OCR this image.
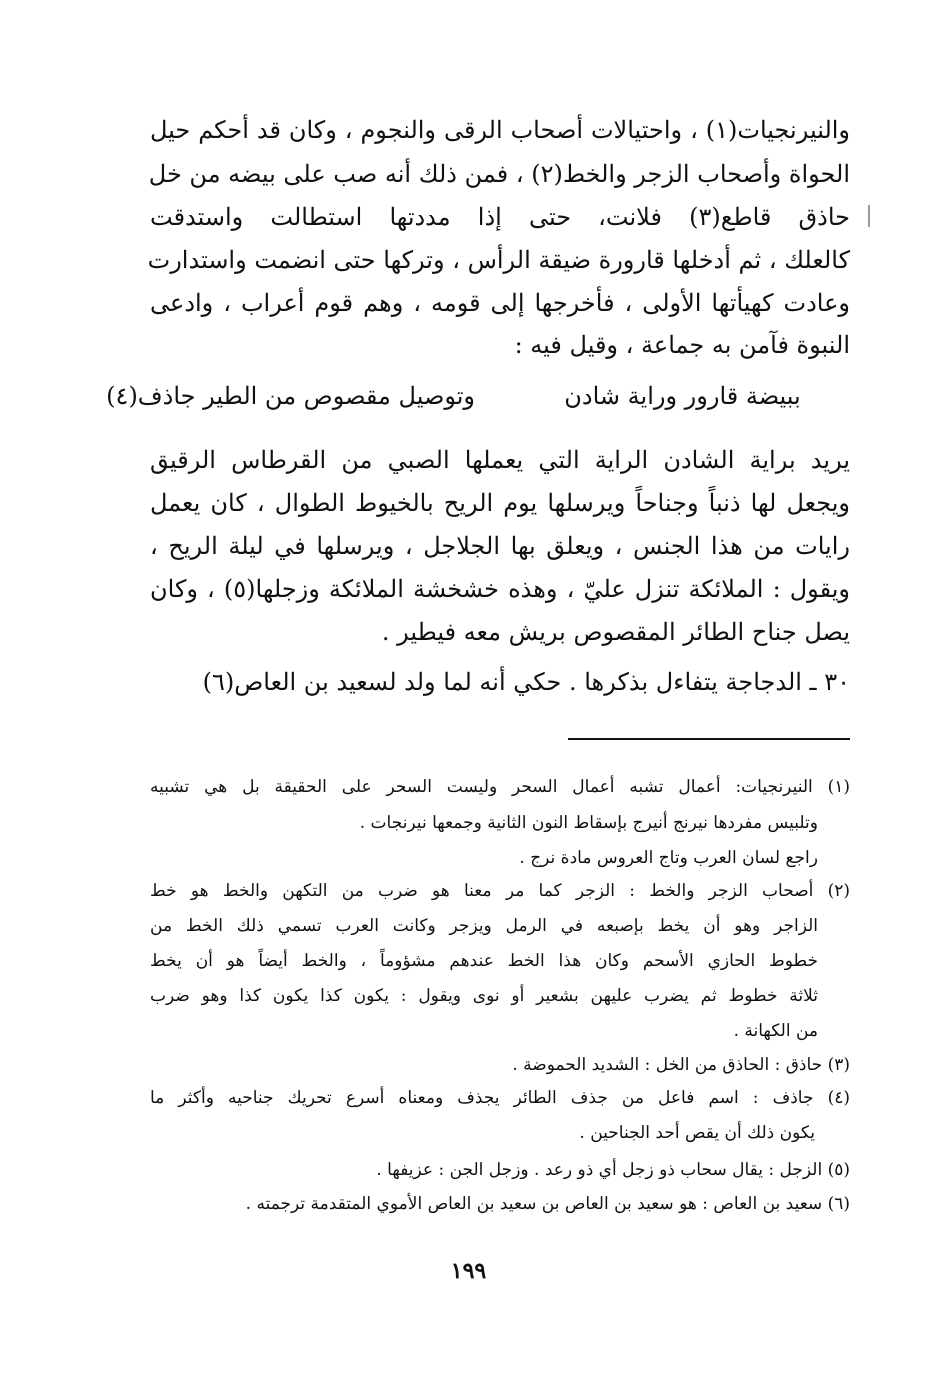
والنيرنجيات(١) ، واحتيالات أصحاب الرقى والنجوم ، وكان قد أحكم حيل
الحواة وأصحاب الزجر والخط(٢) ، فمن ذلك أنه صب على بيضه من خل
حاذق قاطع(٣) فلانت، حتى إذا مددتها استطالت واستدقت
كالعلك ، ثم أدخلها قارورة ضيقة الرأس ، وتركها حتى انضمت واستدارت
وعادت كهيأتها الأولى ، فأخرجها إلى قومه ، وهم قوم أعراب ، وادعى
النبوة فآمن به جماعة ، وقيل فيه :
ببيضة قارور وراية شادن
وتوصيل مقصوص من الطير جاذف(٤)
يريد براية الشادن الراية التي يعملها الصبي من القرطاس الرقيق
ويجعل لها ذنباً وجناحاً ويرسلها يوم الريح بالخيوط الطوال ، كان يعمل
رايات من هذا الجنس ، ويعلق بها الجلاجل ، ويرسلها في ليلة الريح ،
ويقول : الملائكة تنزل عليّ ، وهذه خشخشة الملائكة وزجلها(٥) ، وكان
يصل جناح الطائر المقصوص بريش معه فيطير .
٣٠ ـ الدجاجة يتفاءل بذكرها . حكي أنه لما ولد لسعيد بن العاص(٦)
(١) النيرنجيات: أعمال تشبه أعمال السحر وليست السحر على الحقيقة بل هي تشبيه
وتلبيس مفردها نيرنج أنيرج بإسقاط النون الثانية وجمعها نيرنجات .
راجع لسان العرب وتاج العروس مادة نرج .
(٢) أصحاب الزجر والخط : الزجر كما مر معنا هو ضرب من التكهن والخط هو خط
الزاجر وهو أن يخط بإصبعه في الرمل ويزجر وكانت العرب تسمي ذلك الخط من
خطوط الحازي الأسحم وكان هذا الخط عندهم مشؤوماً ، والخط أيضاً هو أن يخط
ثلاثة خطوط ثم يضرب عليهن بشعير أو نوى ويقول : يكون كذا يكون كذا وهو ضرب
من الكهانة .
(٣) حاذق : الحاذق من الخل : الشديد الحموضة .
(٤) جاذف : اسم فاعل من جذف الطائر يجذف ومعناه أسرع تحريك جناحيه وأكثر ما
يكون ذلك أن يقص أحد الجناحين .
(٥) الزجل : يقال سحاب ذو زجل أي ذو رعد . وزجل الجن : عزيفها .
(٦) سعيد بن العاص : هو سعيد بن العاص بن سعيد بن العاص الأموي المتقدمة ترجمته .
١٩٩
